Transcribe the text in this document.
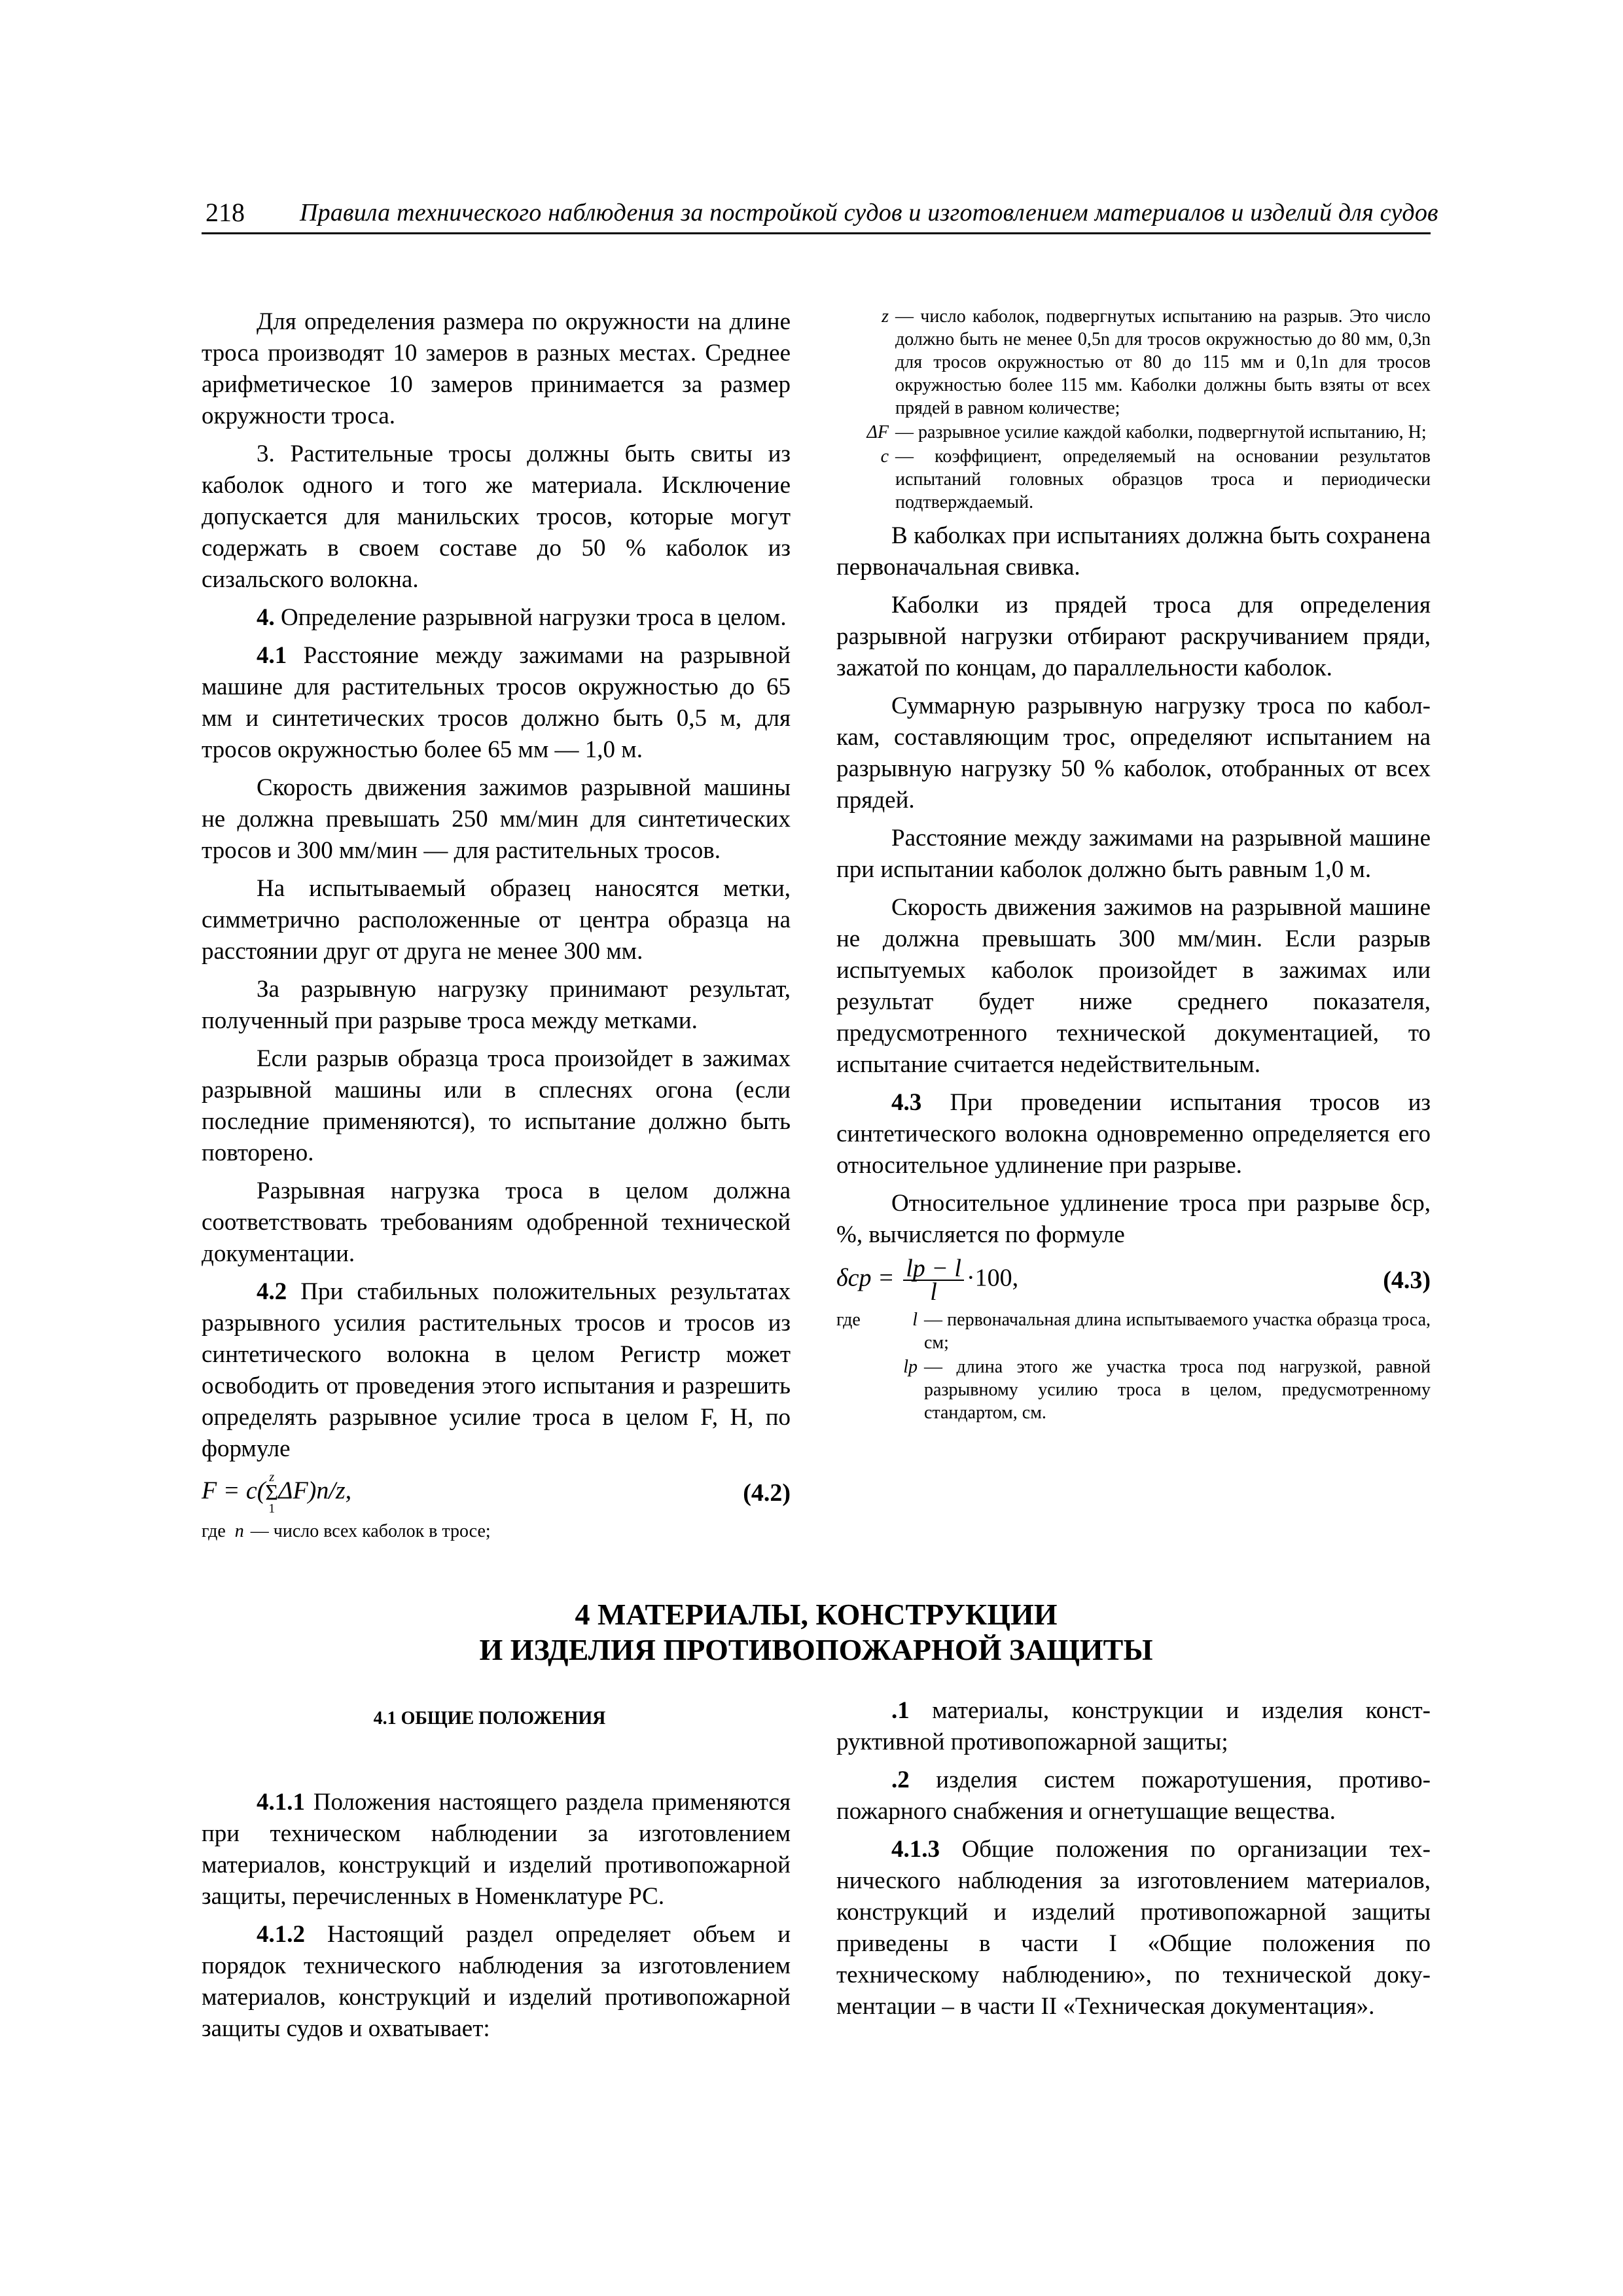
218 Правила технического наблюдения за постройкой судов и изготовлением материалов и изделий для судов

Для определения размера по окружности на длине троса производят 10 замеров в разных местах. Среднее арифметическое 10 замеров принимается за размер окружности троса.

3. Растительные тросы должны быть свиты из каболок одного и того же материала. Исключение допускается для манильских тросов, которые могут содержать в своем составе до 50 % каболок из сизальского волокна.

4. Определение разрывной нагрузки троса в целом.

4.1 Расстояние между зажимами на разрывной машине для растительных тросов окружностью до 65 мм и синтетических тросов должно быть 0,5 м, для тросов окружностью более 65 мм — 1,0 м.

Скорость движения зажимов разрывной машины не должна превышать 250 мм/мин для синтетических тросов и 300 мм/мин — для растительных тросов.

На испытываемый образец наносятся метки, симметрично расположенные от центра образца на расстоянии друг от друга не менее 300 мм.

За разрывную нагрузку принимают результат, полученный при разрыве троса между метками.

Если разрыв образца троса произойдет в зажимах разрывной машины или в сплеснях огона (если последние применяются), то испытание должно быть повторено.

Разрывная нагрузка троса в целом должна соответствовать требованиям одобренной технической документации.

4.2 При стабильных положительных результатах разрывного усилия растительных тросов и тросов из синтетического волокна в целом Регистр может освободить от проведения этого испытания и разрешить определять разрывное усилие троса в целом F, Н, по формуле

F = c( z
Σ
1
ΔF)n/z,	(4.2)
где n — число всех каболок в тросе;
z — число каболок, подвергнутых испытанию на разрыв. Это число должно быть не менее 0,5n для тросов окружностью до 80 мм, 0,3n для тросов окружностью от 80 до 115 мм и 0,1n для тросов окружностью более 115 мм. Каболки должны быть взяты от всех прядей в равном количестве;
ΔF — разрывное усилие каждой каболки, подвергнутой испытанию, Н;
c — коэффициент, определяемый на основании результатов испытаний головных образцов троса и периодически подтверждаемый.

В каболках при испытаниях должна быть сохранена первоначальная свивка.

Каболки из прядей троса для определения разрывной нагрузки отбирают раскручиванием пряди, зажатой по концам, до параллельности каболок.

Суммарную разрывную нагрузку троса по каболкам, составляющим трос, определяют испытанием на разрывную нагрузку 50 % каболок, отобранных от всех прядей.

Расстояние между зажимами на разрывной машине при испытании каболок должно быть равным 1,0 м.

Скорость движения зажимов на разрывной машине не должна превышать 300 мм/мин. Если разрыв испытуемых каболок произойдет в зажимах или результат будет ниже среднего показателя, предусмотренного технической документацией, то испытание считается недействительным.

4.3 При проведении испытания тросов из синтетического волокна одновременно определяется его относительное удлинение при разрыве.

Относительное удлинение троса при разрыве δср, %, вычисляется по формуле

$\delta ср = \frac{lр - l}{l} \cdot 100$,	(4.3)
где	l — первоначальная длина испытываемого участка образца троса, см;
lр — длина этого же участка троса под нагрузкой, равной разрывному усилию троса в целом, предусмотренному стандартом, см.
4 МАТЕРИАЛЫ, КОНСТРУКЦИИ
И ИЗДЕЛИЯ ПРОТИВОПОЖАРНОЙ ЗАЩИТЫ
4.1 ОБЩИЕ ПОЛОЖЕНИЯ

4.1.1 Положения настоящего раздела применяются при техническом наблюдении за изготовлением материалов, конструкций и изделий противопожарной защиты, перечисленных в Номенклатуре РС.

4.1.2 Настоящий раздел определяет объем и порядок технического наблюдения за изготовлением материалов, конструкций и изделий противопожарной защиты судов и охватывает:

.1 материалы, конструкции и изделия конструктивной противопожарной защиты;

.2 изделия систем пожаротушения, противопожарного снабжения и огнетушащие вещества.

4.1.3 Общие положения по организации технического наблюдения за изготовлением материалов, конструкций и изделий противопожарной защиты приведены в части I «Общие положения по техническому наблюдению», по технической документации – в части II «Техническая документация».
